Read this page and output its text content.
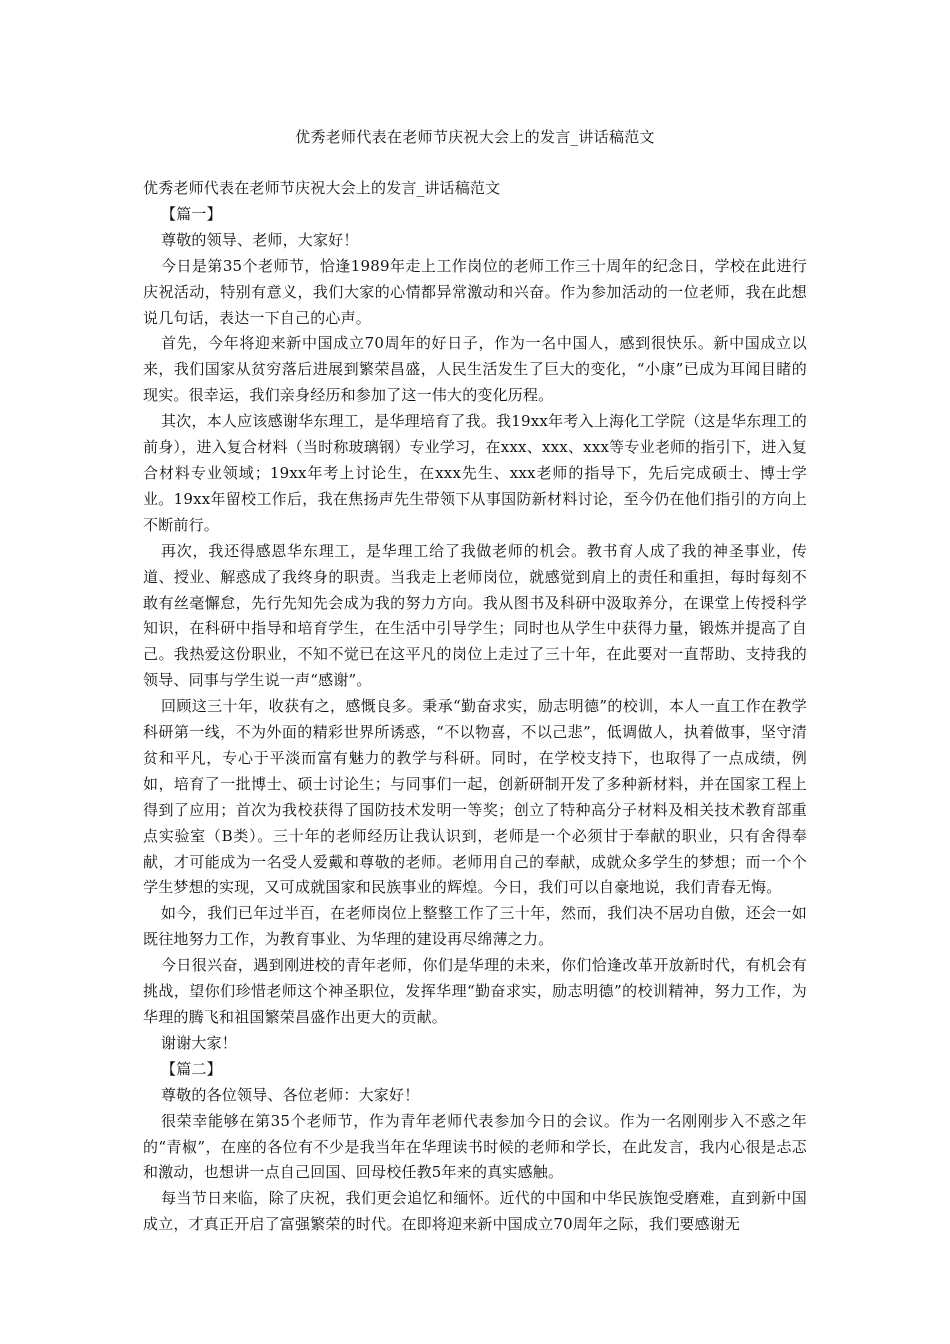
优秀老师代表在老师节庆祝大会上的发言_讲话稿范文

优秀老师代表在老师节庆祝大会上的发言_讲话稿范文

【篇一】

尊敬的领导、老师，大家好！

今日是第35个老师节，恰逢1989年走上工作岗位的老师工作三十周年的纪念日，学校在此进行庆祝活动，特别有意义，我们大家的心情都异常激动和兴奋。作为参加活动的一位老师，我在此想说几句话，表达一下自己的心声。

首先，今年将迎来新中国成立70周年的好日子，作为一名中国人，感到很快乐。新中国成立以来，我们国家从贫穷落后进展到繁荣昌盛，人民生活发生了巨大的变化，“小康”已成为耳闻目睹的现实。很幸运，我们亲身经历和参加了这一伟大的变化历程。

其次，本人应该感谢华东理工，是华理培育了我。我19xx年考入上海化工学院（这是华东理工的前身），进入复合材料（当时称玻璃钢）专业学习，在xxx、xxx、xxx等专业老师的指引下，进入复合材料专业领域；19xx年考上讨论生，在xxx先生、xxx老师的指导下，先后完成硕士、博士学业。19xx年留校工作后，我在焦扬声先生带领下从事国防新材料讨论，至今仍在他们指引的方向上不断前行。

再次，我还得感恩华东理工，是华理工给了我做老师的机会。教书育人成了我的神圣事业，传道、授业、解惑成了我终身的职责。当我走上老师岗位，就感觉到肩上的责任和重担，每时每刻不敢有丝毫懈怠，先行先知先会成为我的努力方向。我从图书及科研中汲取养分，在课堂上传授科学知识，在科研中指导和培育学生，在生活中引导学生；同时也从学生中获得力量，锻炼并提高了自己。我热爱这份职业，不知不觉已在这平凡的岗位上走过了三十年，在此要对一直帮助、支持我的领导、同事与学生说一声“感谢”。

回顾这三十年，收获有之，感慨良多。秉承“勤奋求实，励志明德”的校训，本人一直工作在教学科研第一线，不为外面的精彩世界所诱惑，“不以物喜，不以己悲”，低调做人，执着做事，坚守清贫和平凡，专心于平淡而富有魅力的教学与科研。同时，在学校支持下，也取得了一点成绩，例如，培育了一批博士、硕士讨论生；与同事们一起，创新研制开发了多种新材料，并在国家工程上得到了应用；首次为我校获得了国防技术发明一等奖；创立了特种高分子材料及相关技术教育部重点实验室（B类）。三十年的老师经历让我认识到，老师是一个必须甘于奉献的职业，只有舍得奉献，才可能成为一名受人爱戴和尊敬的老师。老师用自己的奉献，成就众多学生的梦想；而一个个学生梦想的实现，又可成就国家和民族事业的辉煌。今日，我们可以自豪地说，我们青春无悔。

如今，我们已年过半百，在老师岗位上整整工作了三十年，然而，我们决不居功自傲，还会一如既往地努力工作，为教育事业、为华理的建设再尽绵薄之力。

今日很兴奋，遇到刚进校的青年老师，你们是华理的未来，你们恰逢改革开放新时代，有机会有挑战，望你们珍惜老师这个神圣职位，发挥华理“勤奋求实，励志明德”的校训精神，努力工作，为华理的腾飞和祖国繁荣昌盛作出更大的贡献。

谢谢大家！

【篇二】

尊敬的各位领导、各位老师：大家好！

很荣幸能够在第35个老师节，作为青年老师代表参加今日的会议。作为一名刚刚步入不惑之年的“青椒”，在座的各位有不少是我当年在华理读书时候的老师和学长，在此发言，我内心很是忐忑和激动，也想讲一点自己回国、回母校任教5年来的真实感触。

每当节日来临，除了庆祝，我们更会追忆和缅怀。近代的中国和中华民族饱受磨难，直到新中国成立，才真正开启了富强繁荣的时代。在即将迎来新中国成立70周年之际，我们要感谢无
